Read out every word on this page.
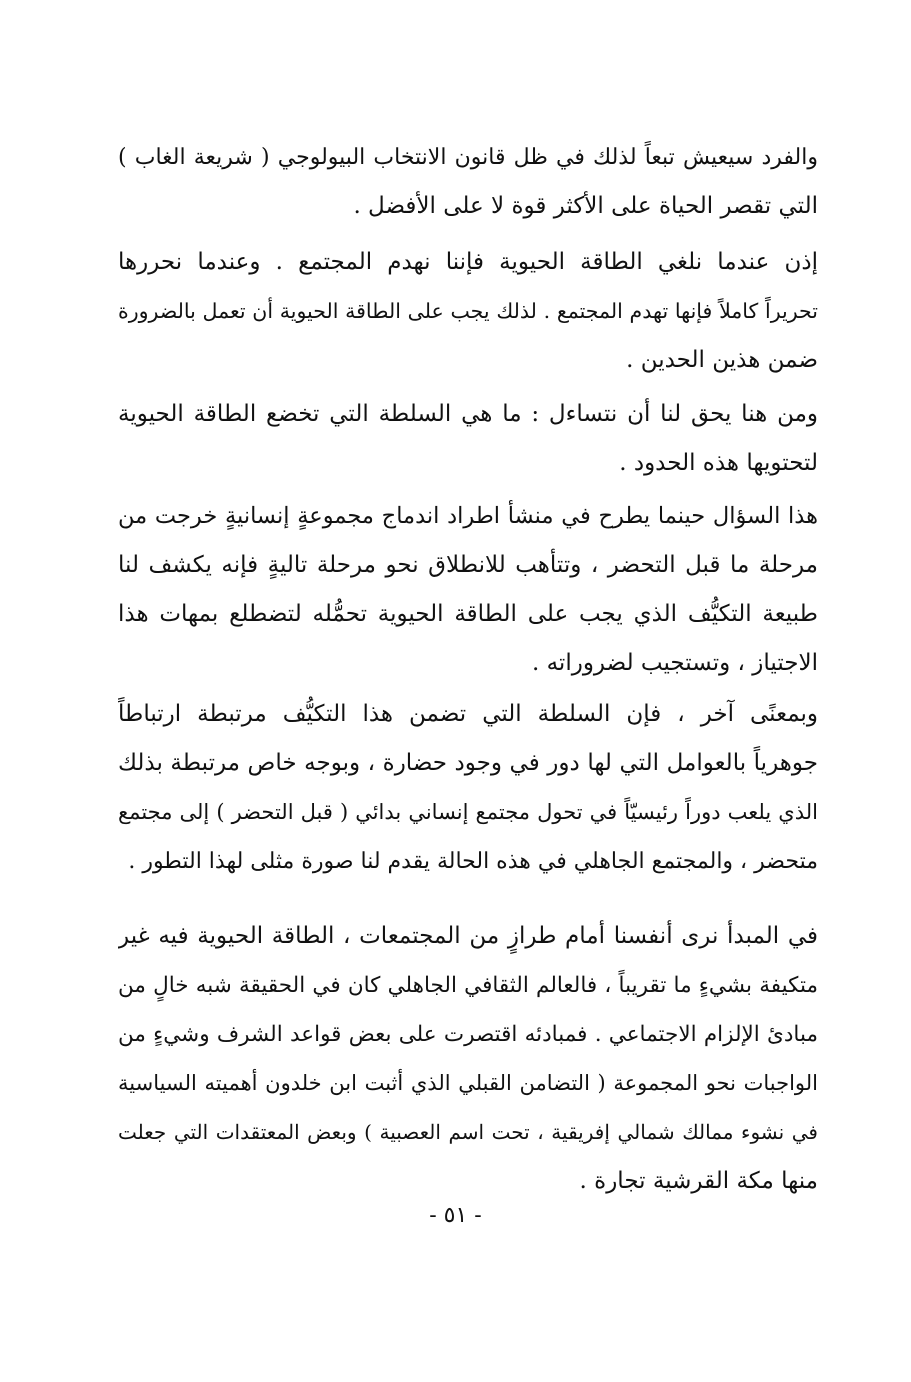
والفرد سيعيش تبعاً لذلك في ظل قانون الانتخاب البيولوجي ( شريعة الغاب )
التي تقصر الحياة على الأكثر قوة لا على الأفضل .
إذن عندما نلغي الطاقة الحيوية فإننا نهدم المجتمع . وعندما نحررها
تحريراً كاملاً فإنها تهدم المجتمع . لذلك يجب على الطاقة الحيوية أن تعمل بالضرورة
ضمن هذين الحدين .
ومن هنا يحق لنا أن نتساءل : ما هي السلطة التي تخضع الطاقة الحيوية
لتحتويها هذه الحدود .
هذا السؤال حينما يطرح في منشأ اطراد اندماج مجموعةٍ إنسانيةٍ خرجت من
مرحلة ما قبل التحضر ، وتتأهب للانطلاق نحو مرحلة تاليةٍ فإنه يكشف لنا
طبيعة التكيُّف الذي يجب على الطاقة الحيوية تحمُّله لتضطلع بمهات هذا
الاجتياز ، وتستجيب لضروراته .
وبمعنًى آخر ، فإن السلطة التي تضمن هذا التكيُّف مرتبطة ارتباطاً
جوهرياً بالعوامل التي لها دور في وجود حضارة ، وبوجه خاص مرتبطة بذلك
الذي يلعب دوراً رئيسيّاً في تحول مجتمع إنساني بدائي ( قبل التحضر ) إلى مجتمع
متحضر ، والمجتمع الجاهلي في هذه الحالة يقدم لنا صورة مثلى لهذا التطور .
في المبدأ نرى أنفسنا أمام طرازٍ من المجتمعات ، الطاقة الحيوية فيه غير
متكيفة بشيءٍ ما تقريباً ، فالعالم الثقافي الجاهلي كان في الحقيقة شبه خالٍ من
مبادئ الإلزام الاجتماعي . فمبادئه اقتصرت على بعض قواعد الشرف وشيءٍ من
الواجبات نحو المجموعة ( التضامن القبلي الذي أثبت ابن خلدون أهميته السياسية
في نشوء ممالك شمالي إفريقية ، تحت اسم العصبية ) وبعض المعتقدات التي جعلت
منها مكة القرشية تجارة .
- ٥١ -
